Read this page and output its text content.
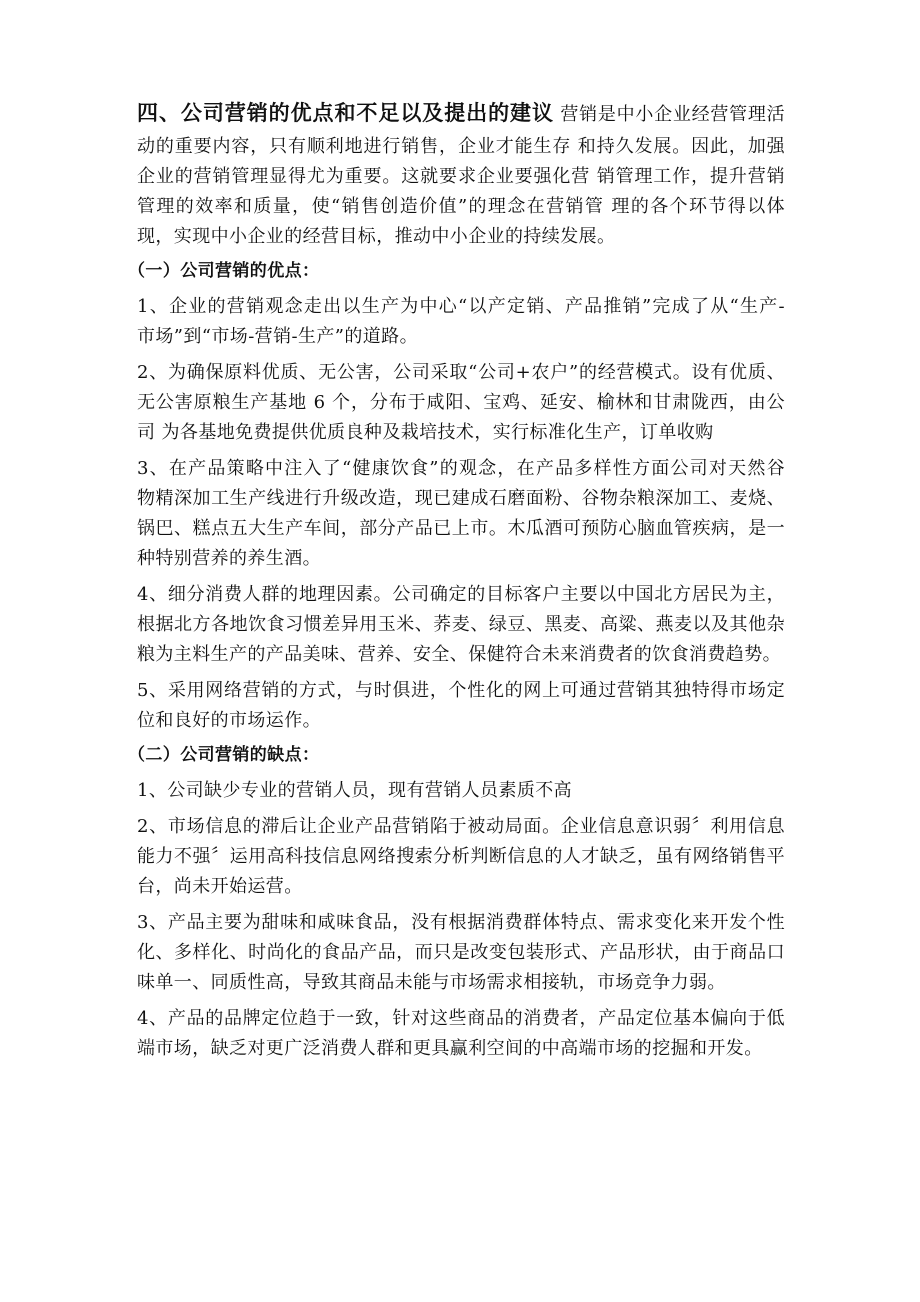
四、公司营销的优点和不足以及提出的建议 营销是中小企业经营管理活
动的重要内容，只有顺利地进行销售，企业才能生存 和持久发展。因此，加强
企业的营销管理显得尤为重要。这就要求企业要强化营 销管理工作，提升营销
管理的效率和质量，使“销售创造价值”的理念在营销管 理的各个环节得以体
现，实现中小企业的经营目标，推动中小企业的持续发展。
（一）公司营销的优点：
1、企业的营销观念走出以生产为中心“以产定销、产品推销”完成了从“生产-
市场”到“市场-营销-生产”的道路。
2、为确保原料优质、无公害，公司采取“公司+农户”的经营模式。设有优质、
无公害原粮生产基地 6 个，分布于咸阳、宝鸡、延安、榆林和甘肃陇西，由公
司 为各基地免费提供优质良种及栽培技术，实行标准化生产，订单收购
3、在产品策略中注入了“健康饮食”的观念，在产品多样性方面公司对天然谷
物精深加工生产线进行升级改造，现已建成石磨面粉、谷物杂粮深加工、麦烧、
锅巴、糕点五大生产车间，部分产品已上市。木瓜酒可预防心脑血管疾病，是一
种特别营养的养生酒。
4、细分消费人群的地理因素。公司确定的目标客户主要以中国北方居民为主，
根据北方各地饮食习惯差异用玉米、荞麦、绿豆、黑麦、高粱、燕麦以及其他杂
粮为主料生产的产品美味、营养、安全、保健符合未来消费者的饮食消费趋势。
5、采用网络营销的方式，与时俱进，个性化的网上可通过营销其独特得市场定
位和良好的市场运作。
（二）公司营销的缺点：
1、公司缺少专业的营销人员，现有营销人员素质不高
2、市场信息的滞后让企业产品营销陷于被动局面。企业信息意识弱〞利用信息
能力不强〞运用高科技信息网络搜索分析判断信息的人才缺乏，虽有网络销售平
台，尚未开始运营。
3、产品主要为甜味和咸味食品，没有根据消费群体特点、需求变化来开发个性
化、多样化、时尚化的食品产品，而只是改变包装形式、产品形状，由于商品口
味单一、同质性高，导致其商品未能与市场需求相接轨，市场竞争力弱。
4、产品的品牌定位趋于一致，针对这些商品的消费者，产品定位基本偏向于低
端市场，缺乏对更广泛消费人群和更具赢利空间的中高端市场的挖掘和开发。
